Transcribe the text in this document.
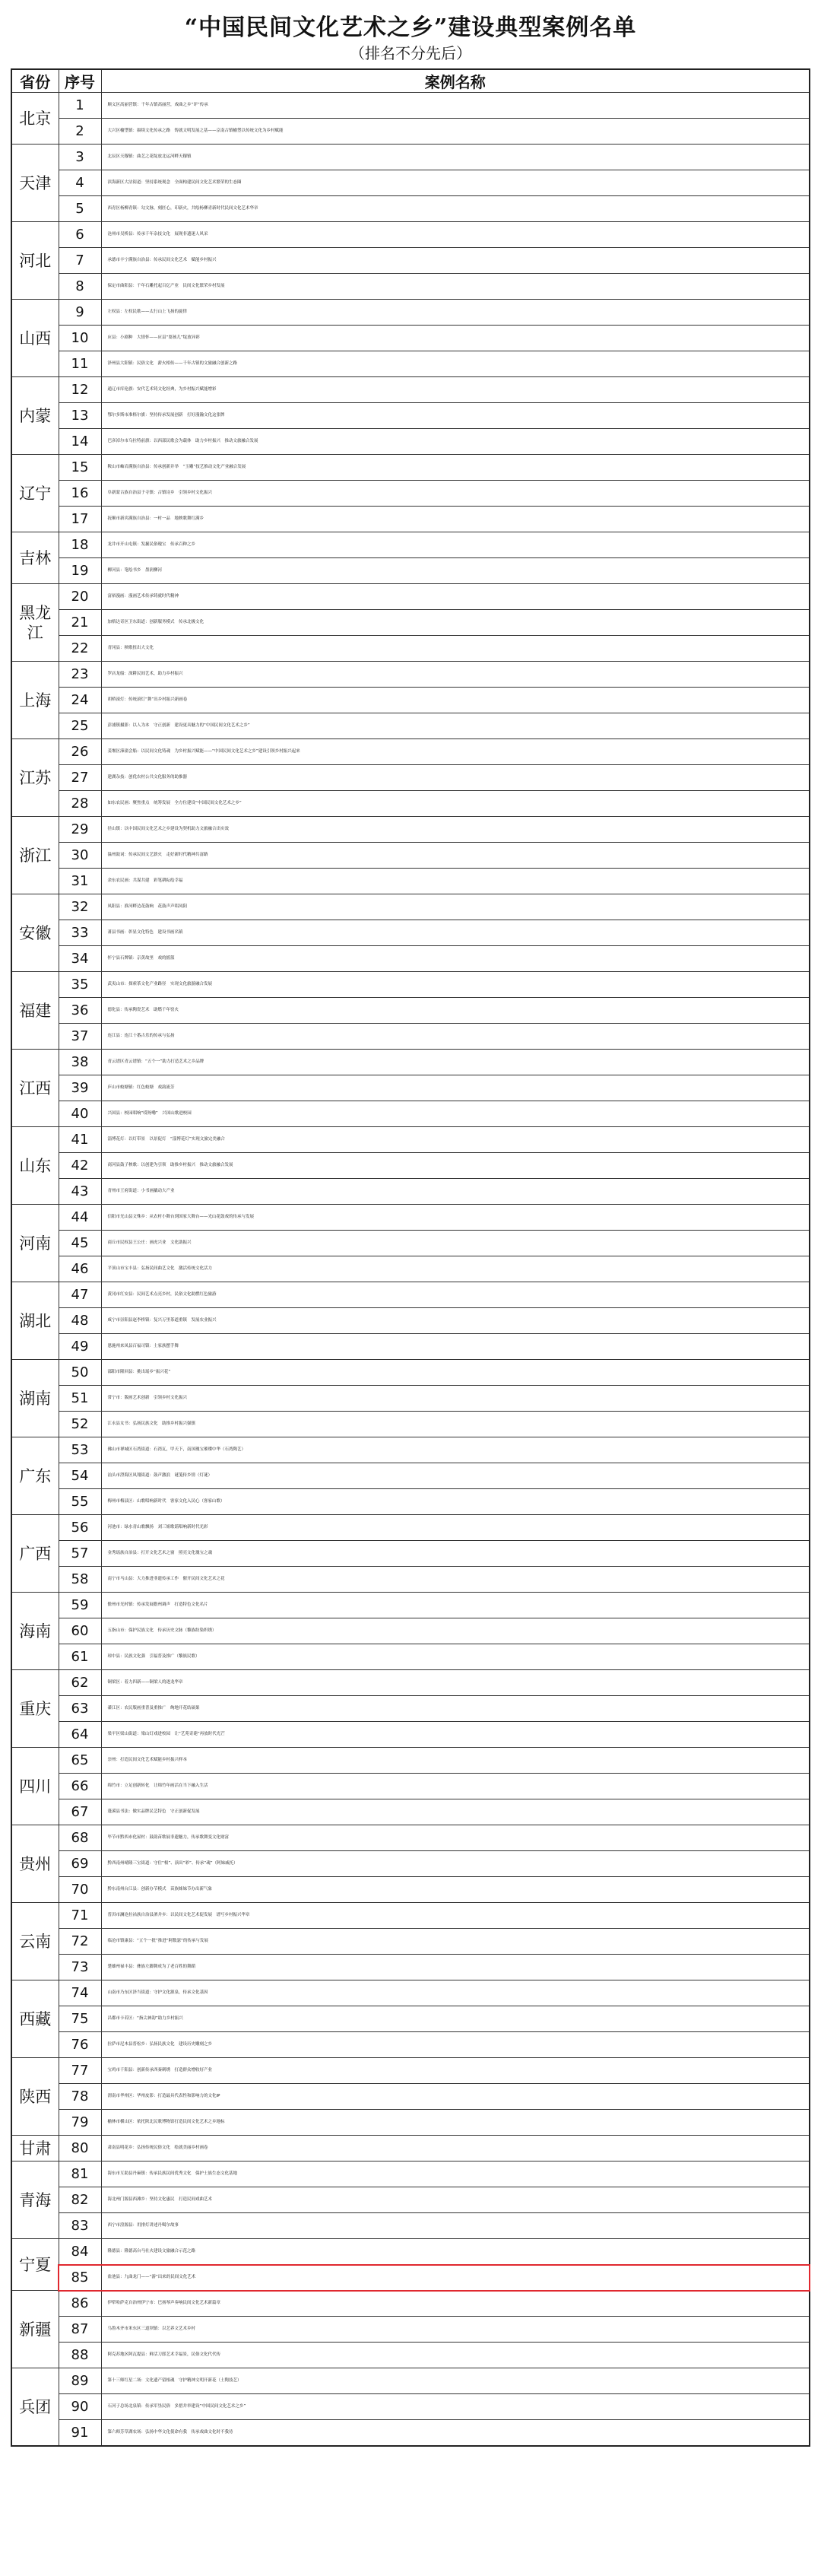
“中国民间文化艺术之乡”建设典型案例名单
（排名不分先后）
省份	序号	案例名称
北京	1	顺义区高丽营镇：千年古镇高丽营，戏曲之乡“评”传承
	2	大兴区榆垡镇：赓续文化传承之路　铸就文明发展之基——京南古镇榆垡以传统文化为乡村赋能
天津	3	北辰区天穆镇：曲艺之花绽放北运河畔天穆镇
	4	滨海新区大沽街道：坚持系统观念　全面构建民间文化艺术繁荣的生态圈
	5	西青区杨柳青镇：勾文脉，刻匠心，印新火，共绘杨柳青新时代民间文化艺术华章
河北	6	沧州市吴桥县：传承千年杂技文化　展现非遗迷人风采
	7	承德市丰宁满族自治县：传承民间文化艺术　赋能乡村振兴
	8	保定市曲阳县：千年石雕托起百亿产业　民间文化繁荣乡村发展
山西	9	左权县：左权民歌——太行山上飞扬的旋律
	10	应县：小剧种　大情怀——应县“耍孩儿”绽放异彩
	11	泽州县大阳镇：民俗文化　薪火相传——千年古镇的文旅融合创新之路
内蒙	12	通辽市库伦旗：安代艺术铸文化经典，为乡村振兴赋能增彩
	13	鄂尔多斯市准格尔旗：坚持传承发展创新　打好漫瀚文化这张牌
	14	巴彦淖尔市乌拉特前旗：以西部民歌会为载体　助力乡村振兴　推动文旅融合发展
辽宁	15	鞍山市岫岩满族自治县：传承创新并举　“玉雕”技艺推动文化产业融合发展
	16	阜新蒙古族自治县于寺镇：古镇诗乡　引领乡村文化振兴
	17	抚顺市新宾满族自治县：一村一品　地秧歌舞红满乡
吉林	18	龙井市开山屯镇：发掘民俗瑰宝　传承百种之乡
	19	柳河县：笔绘书乡　墨润柳河
黑龙江	20	富裕漫画：漫画艺术传承铸就时代精神
	21	加格达奇区卫东街道：创新服务模式　传承北极文化
	22	青冈县：秧歌扭出大文化
上海	23	罗店龙船：深耕民间艺术，助力乡村振兴
	24	胡桥滚灯：传统滚灯“舞”出乡村振兴新画卷
	25	彭浦镇摄影：以人为本　守正创新　建设更具魅力的“中国民间文化艺术之乡”
江苏	26	姜堰区溱潼会船：以民间文化铸魂　为乡村振兴赋能——“中国民间文化艺术之乡”建设引领乡村振兴起来
	27	建湖杂技：创优农村公共文化服务的助推器
	28	如东农民画：聚焦重点　统筹发展　全方位建设“中国民间文化艺术之乡”
浙江	29	径山镇：以中国民间文化艺术之乡建设为契机助力文旅融合出实效
	30	温州鼓词：传承民间文艺薪火　走好新时代精神共富路
	31	余东农民画：共谋共建　彩笔耕耘绘幸福
安徽	32	凤阳县：淮河畔边花鼓响　花鼓声声唱凤阳
	33	萧县书画：彰显文化特色　建设书画名镇
	34	怀宁县石牌镇：京黄故里　戏的摇篮
福建	35	武夷山市：探索茶文化产业路径　实现文化旅游融合发展
	36	德化县：传承陶瓷艺术　助燃千年窑火
	37	连江县：连江十番古乐的传承与弘扬
江西	38	青云谱区青云谱镇：“五个一”助力打造艺术之乡品牌
	39	庐山市蛟塘镇：红色蛟塘　戏韵流芳
	40	兴国县：校园唱响“哎呀嘞”　兴国山歌进校园
山东	41	淄博花灯：以灯带景　以景促灯　“淄博花灯”实现文旅完美融合
	42	商河县鼓子秧歌：以创建为引领　助推乡村振兴　推动文旅融合发展
	43	青州市王府街道：小书画撬动大产业
河南	44	信阳市光山县文殊乡：从农村小舞台到国家大舞台——光山花鼓戏的传承与发展
	45	商丘市民权县王公庄：画虎兴业　文化助振兴
	46	平顶山市宝丰县：弘扬民间曲艺文化　激活传统文化活力
湖北	47	黄冈市红安县：民间艺术点亮乡村，民俗文化助燃红色旅游
	48	咸宁市崇阳县赵李桥镇：复兴万里茶道重镇　发展农业振兴
	49	恩施州来凤县百福司镇：土家族摆手舞
湖南	50	邵阳市隆回县：挑出瑶乡“振兴花”
	51	常宁市：版画艺术创新　引领乡村文化振兴
	52	江永县女书：弘扬民族文化　助推乡村振兴强镇
广东	53	佛山市禅城区石湾街道：石湾瓦，甲天下，南国瑰宝璀璨中华（石湾陶艺）
	54	汕头市澄海区凤翔街道：鼓声激浪　谜笺传乡情（灯谜）
	55	梅州市梅县区：山歌唱响新时代　客家文化入民心（客家山歌）
广西	56	河池市：绿水青山歌飘扬　刘三姐歌谣唱响新时代光彩
	57	金秀瑶族自治县：打开文化艺术之窗　照亮文化瑰宝之魂
	58	南宁市马山县：大力推进非遗传承工作　催开民间文化艺术之花
海南	59	儋州市光村镇：传承发展儋州调声　打造特色文化名片
	60	五指山市：保护民族文化　传承历史文脉（黎族纺染织绣）
	61	琼中县：民族文化强　引福普及推广（黎族民歌）
重庆	62	铜梁区：着力四新——铜梁人的逐龙华章
	63	綦江区：农民版画重普及重推广　绚地开花结硕果
	64	梁平区梁山街道：梁山灯戏进校园　让“艺苑奇葩”再放时代光芒
四川	65	崇州：打造民间文化艺术赋能乡村振兴样本
	66	绵竹市：立足创新转化　让绵竹年画活在当下融入生活
	67	蓬溪县书法：做实品牌民艺特色　守正创新促发展
贵州	68	毕节市黔西市化屋村：鼓韵苗歌展非遗魅力，传承歌舞变文化财富
	69	黔西南州晴隆三宝街道：守住“根”、演出“彩”、传承“魂”（阿妹戚托）
	70	黔东南州台江县：创新办节模式　苗族姊妹节办出新气象
云南	71	普洱市澜沧拉祜族自治县酒井乡：以民间文化艺术促发展　谱写乡村振兴华章
	72	临沧市镇康县：“五个一批”推进“阿数瑟”的传承与发展
	73	楚雄州禄丰县：彝族左脚舞成为了老百姓的舞蹈
西藏	74	山南市乃东区泽当街道：守护文化源泉，传承文化基因
	75	昌都市卡若区：“指尖神韵”助力乡村振兴
	76	拉萨市尼木县普松乡：弘扬民族文化　建设历史雕刻之乡
陕西	77	宝鸡市千阳县：创新传承西秦刺绣　打造群众增收好产业
	78	渭南市华州区：华州皮影：打造最具代表性和影响力的文化IP
	79	榆林市横山区：依托陕北民歌博物馆打造民间文化艺术之乡地标
甘肃	80	肃南县明花乡：弘扬传统民俗文化　绘就美丽乡村画卷
青海	81	海东市互助县丹麻镇：传承民族民间优秀文化　保护土族生态文化基地
	82	海北州门源县西滩乡：坚持文化惠民　打造民间戏曲艺术
	83	西宁市湟源县：用排灯讲述丹噶尔故事
宁夏	84	隆德县：隆德高台马社火建设文旅融合示范之路
	85	盐池县：九曲龙门——“游”出来的民间文化艺术
新疆	86	伊犁哈萨克自治州伊宁市：巴扬琴声奏响民间文化艺术新篇章
	87	乌鲁木齐市米东区三道坝镇：以艺养文艺术乡村
	88	阿克苏地区阿瓦提县：鲜活刀郎艺术幸福景，民俗文化代代传
兵团	89	第十三师红星二场：文化遗产留根魂　守护精神文明开新花（土陶技艺）
	90	石河子总场北泉镇：传承军垦民俗　多措并举建设“中国民间文化艺术之乡”
	91	第六师芳草湖农场：弘扬中华文化使命有我　传承戏曲文化时不我待
